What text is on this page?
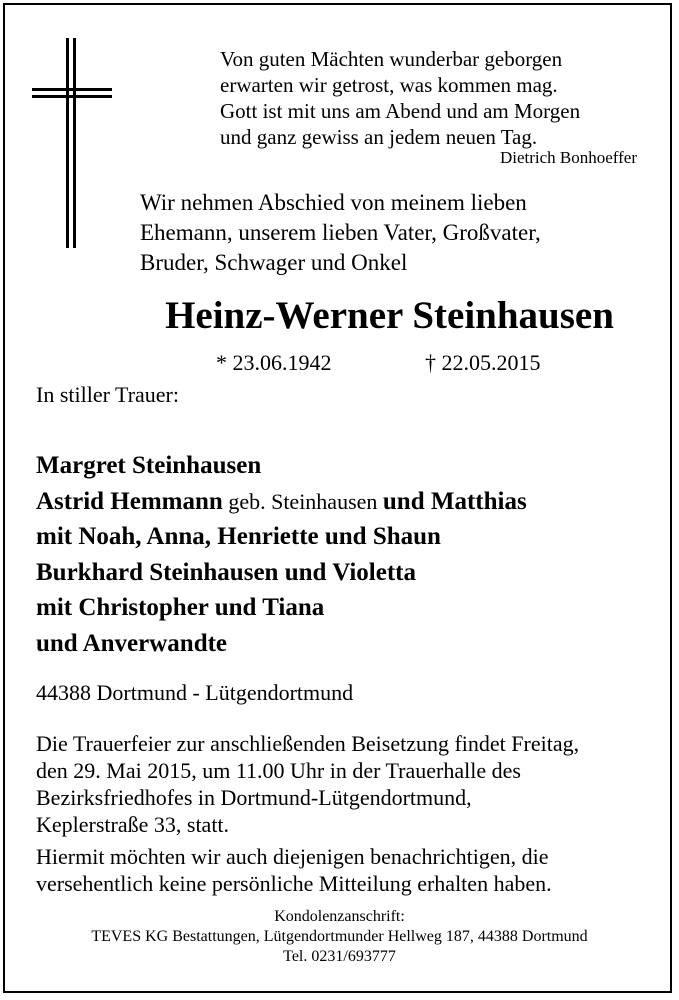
Von guten Mächten wunderbar geborgen
erwarten wir getrost, was kommen mag.
Gott ist mit uns am Abend und am Morgen
und ganz gewiss an jedem neuen Tag.
Dietrich Bonhoeffer
Wir nehmen Abschied von meinem lieben
Ehemann, unserem lieben Vater, Großvater,
Bruder, Schwager und Onkel
Heinz-Werner Steinhausen
* 23.06.1942	† 22.05.2015
In stiller Trauer:
Margret Steinhausen
Astrid Hemmann geb. Steinhausen und Matthias
mit Noah, Anna, Henriette und Shaun
Burkhard Steinhausen und Violetta
mit Christopher und Tiana
und Anverwandte
44388 Dortmund - Lütgendortmund
Die Trauerfeier zur anschließenden Beisetzung findet Freitag,
den 29. Mai 2015, um 11.00 Uhr in der Trauerhalle des
Bezirksfriedhofes in Dortmund-Lütgendortmund,
Keplerstraße 33, statt.
Hiermit möchten wir auch diejenigen benachrichtigen, die
versehentlich keine persönliche Mitteilung erhalten haben.
Kondolenzanschrift:
TEVES KG Bestattungen, Lütgendortmunder Hellweg 187, 44388 Dortmund
Tel. 0231/693777
